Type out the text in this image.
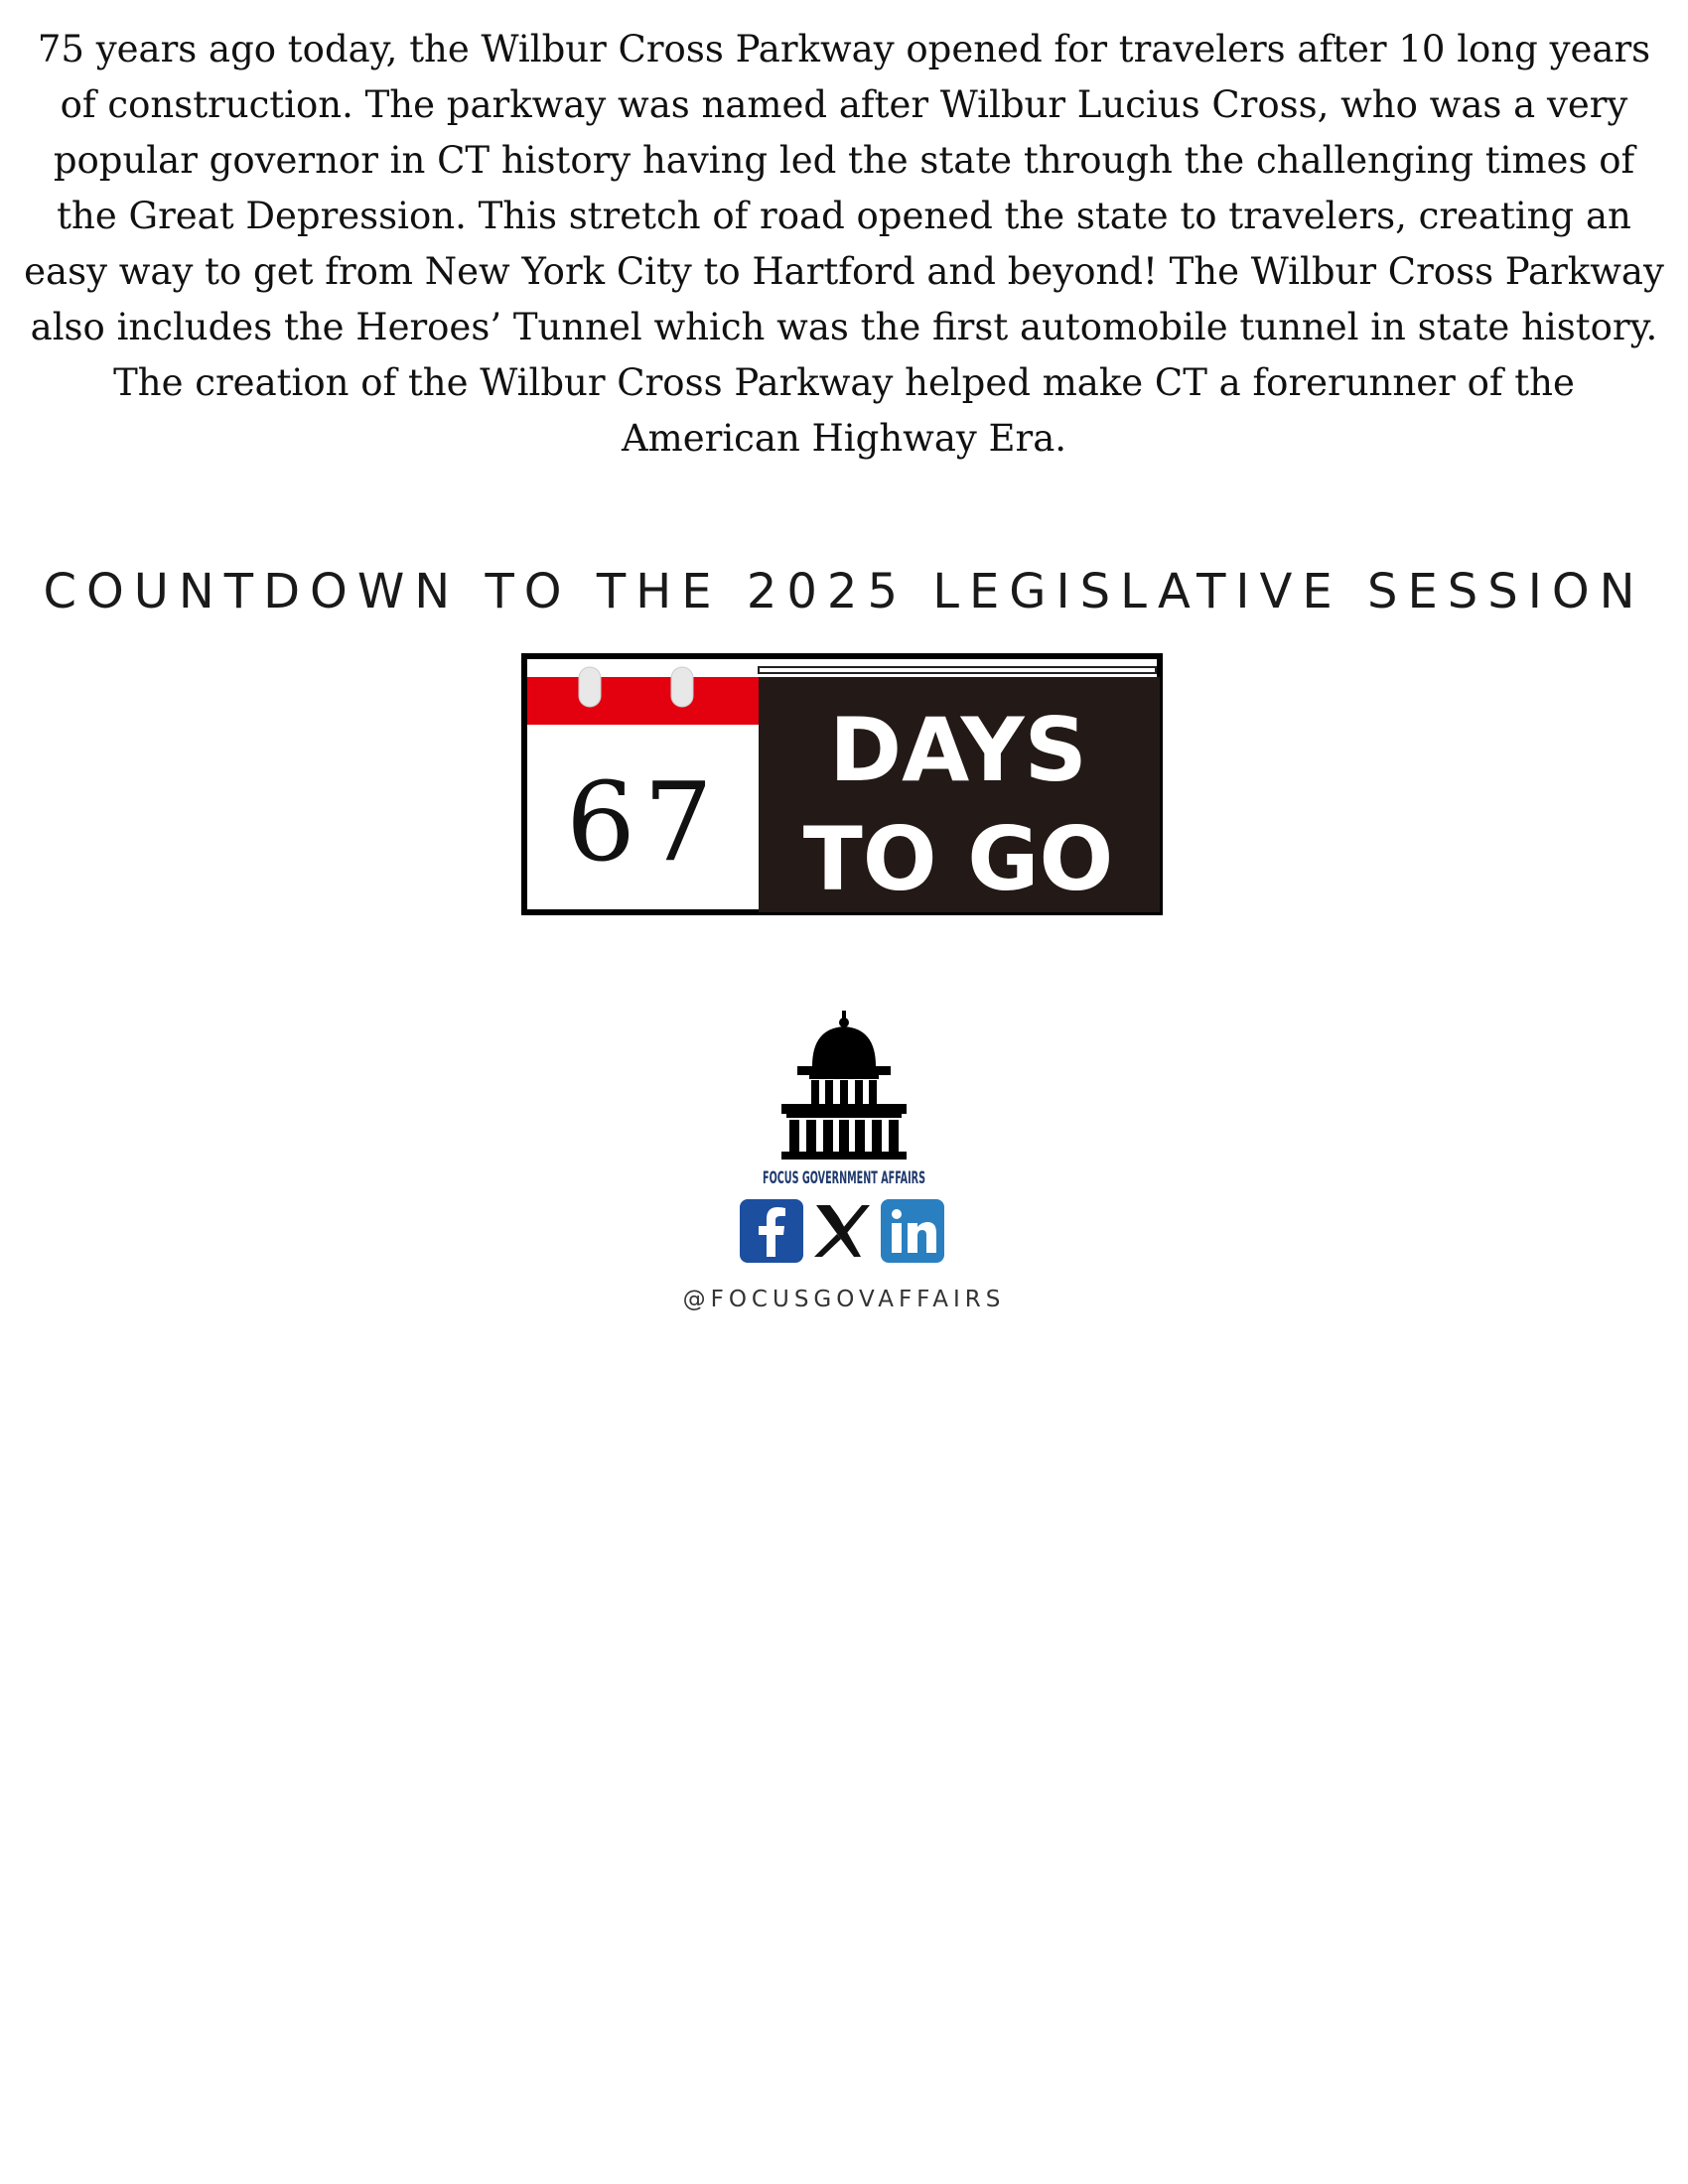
75 years ago today, the Wilbur Cross Parkway opened for travelers after 10 long years of construction. The parkway was named after Wilbur Lucius Cross, who was a very popular governor in CT history having led the state through the challenging times of the Great Depression. This stretch of road opened the state to travelers, creating an easy way to get from New York City to Hartford and beyond! The Wilbur Cross Parkway also includes the Heroes’ Tunnel which was the first automobile tunnel in state history. The creation of the Wilbur Cross Parkway helped make CT a forerunner of the American Highway Era.

COUNTDOWN TO THE 2025 LEGISLATIVE SESSION
67
DAYS
TO GO
FOCUS GOVERNMENT AFFAIRS

@FOCUSGOVAFFAIRS
